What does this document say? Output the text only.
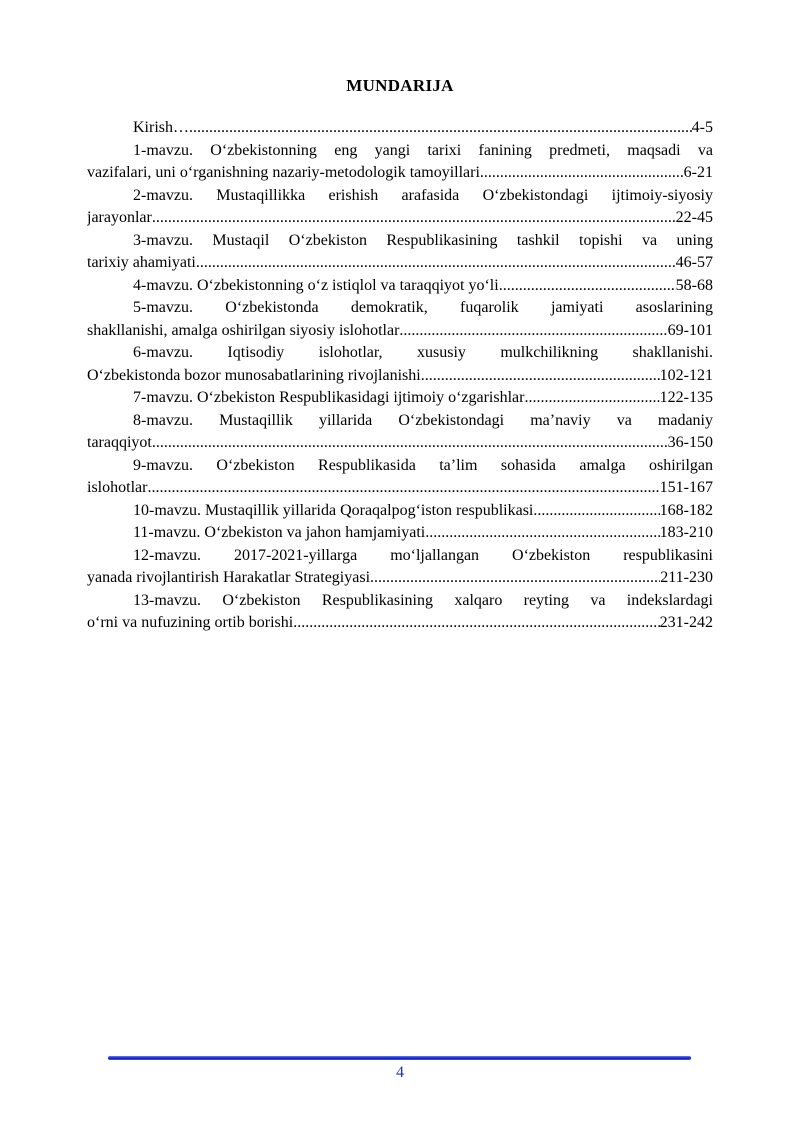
MUNDARIJA
Kirish… .....	4-5
1-mavzu. O‘zbekistonning eng yangi tarixi fanining predmeti, maqsadi va
vazifalari, uni o‘rganishning nazariy-metodologik tamoyillari .....	6-21
2-mavzu. Mustaqillikka erishish arafasida O‘zbekistondagi ijtimoiy-siyosiy
jarayonlar .....	22-45
3-mavzu. Mustaqil O‘zbekiston Respublikasining tashkil topishi va uning
tarixiy ahamiyati .....	46-57
4-mavzu. O‘zbekistonning o‘z istiqlol va taraqqiyot yo‘li .....	58-68
5-mavzu. O‘zbekistonda demokratik, fuqarolik jamiyati asoslarining
shakllanishi, amalga oshirilgan siyosiy islohotlar .....	69-101
6-mavzu. Iqtisodiy islohotlar, xususiy mulkchilikning shakllanishi.
O‘zbekistonda bozor munosabatlarining rivojlanishi .....	102-121
7-mavzu. O‘zbekiston Respublikasidagi ijtimoiy o‘zgarishlar .....	122-135
8-mavzu. Mustaqillik yillarida O‘zbekistondagi ma’naviy va madaniy
taraqqiyot .....	36-150
9-mavzu. O‘zbekiston Respublikasida ta’lim sohasida amalga oshirilgan
islohotlar .....	151-167
10-mavzu. Mustaqillik yillarida Qoraqalpog‘iston respublikasi .....	168-182
11-mavzu. O‘zbekiston va jahon hamjamiyati .....	183-210
12-mavzu. 2017-2021-yillarga mo‘ljallangan O‘zbekiston respublikasini
yanada rivojlantirish Harakatlar Strategiyasi .....	211-230
13-mavzu. O‘zbekiston Respublikasining xalqaro reyting va indekslardagi
o‘rni va nufuzining ortib borishi .....	231-242
4
